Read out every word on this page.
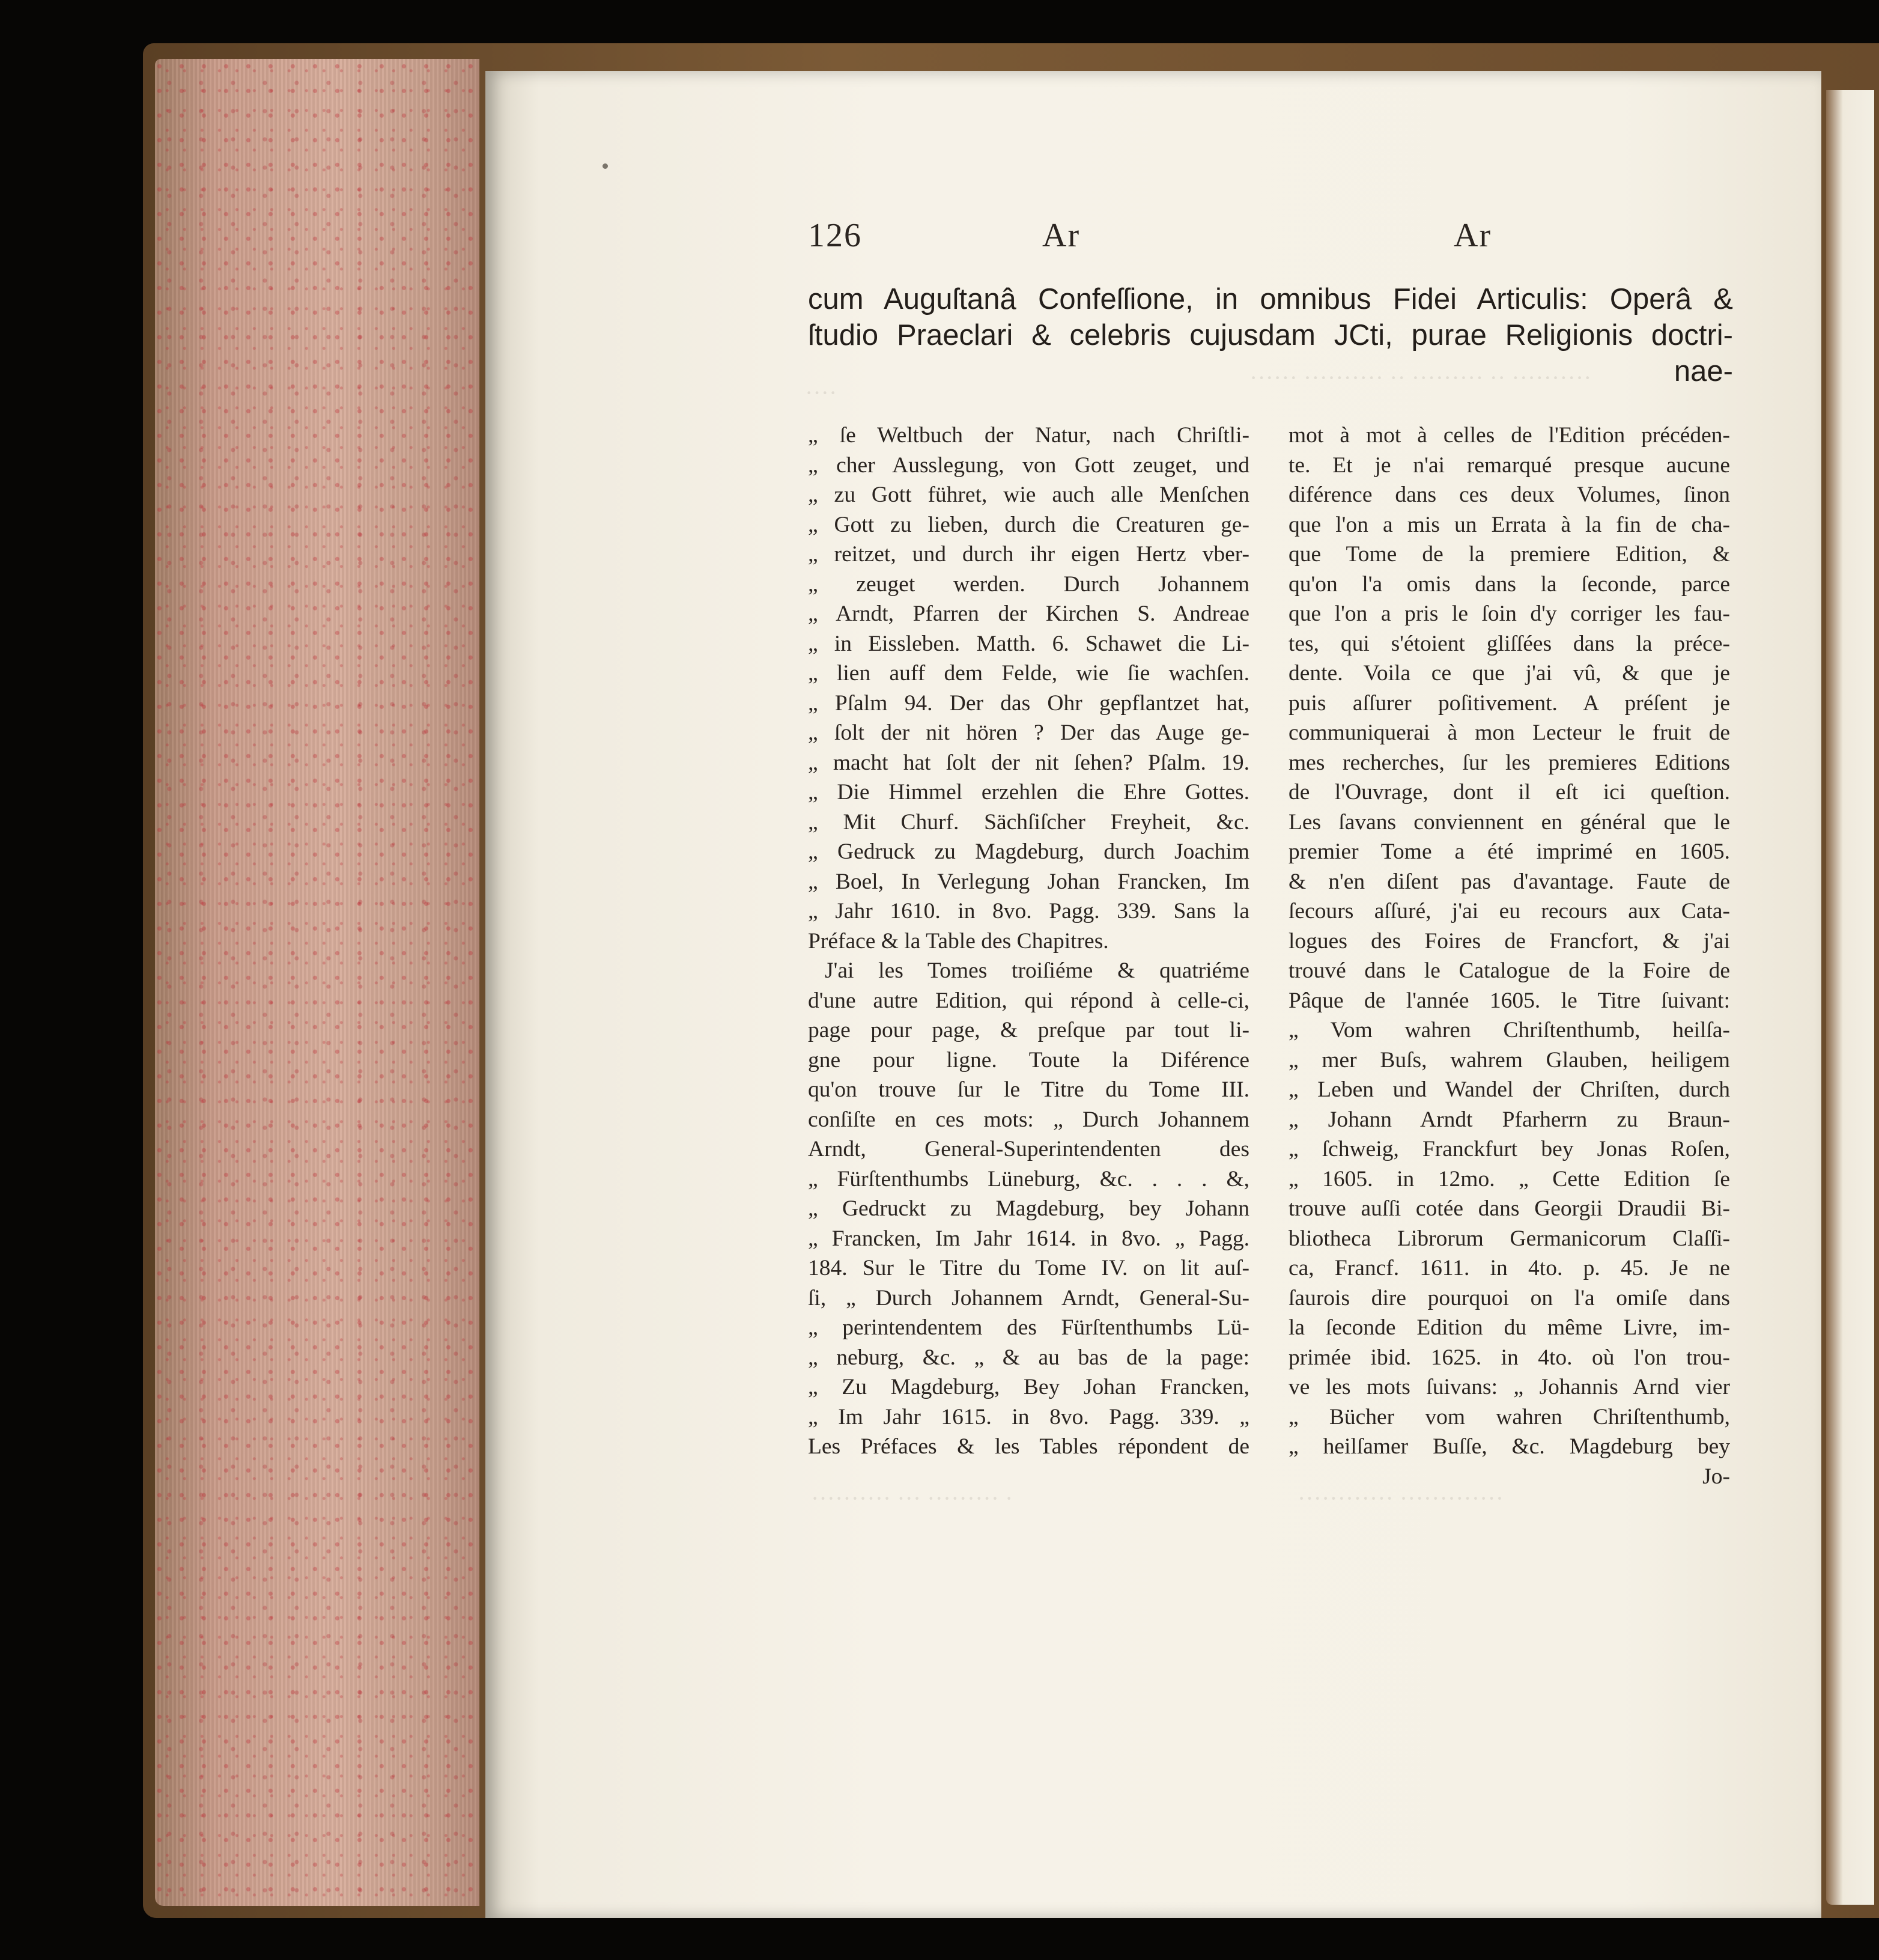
······ ·········· ·· ········· ·· ··········
····
126	Ar	Ar
cum Auguſtanâ Confeſſione, in omnibus Fidei Articulis: Operâ &
ſtudio Praeclari & celebris cujusdam JCti, purae Religionis doctri-
nae-
„ ſe Weltbuch der Natur, nach Chriſtli-
„ cher Ausslegung, von Gott zeuget, und
„ zu Gott führet, wie auch alle Menſchen
„ Gott zu lieben, durch die Creaturen ge-
„ reitzet, und durch ihr eigen Hertz vber-
„ zeuget werden. Durch Johannem
„ Arndt, Pfarren der Kirchen S. Andreae
„ in Eissleben. Matth. 6. Schawet die Li-
„ lien auff dem Felde, wie ſie wachſen.
„ Pſalm 94. Der das Ohr gepflantzet hat,
„ ſolt der nit hören ? Der das Auge ge-
„ macht hat ſolt der nit ſehen? Pſalm. 19.
„ Die Himmel erzehlen die Ehre Gottes.
„ Mit Churf. Sächſiſcher Freyheit, &c.
„ Gedruck zu Magdeburg, durch Joachim
„ Boel, In Verlegung Johan Francken, Im
„ Jahr 1610. in 8vo. Pagg. 339. Sans la
Préface & la Table des Chapitres.
J'ai les Tomes troiſiéme & quatriéme
d'une autre Edition, qui répond à celle-ci,
page pour page, & preſque par tout li-
gne pour ligne. Toute la Diférence
qu'on trouve ſur le Titre du Tome III.
conſiſte en ces mots: „ Durch Johannem
Arndt, General-Superintendenten des
„ Fürſtenthumbs Lüneburg, &c. . . . &,
„ Gedruckt zu Magdeburg, bey Johann
„ Francken, Im Jahr 1614. in 8vo. „ Pagg.
184. Sur le Titre du Tome IV. on lit auſ-
ſi, „ Durch Johannem Arndt, General-Su-
„ perintendentem des Fürſtenthumbs Lü-
„ neburg, &c. „ & au bas de la page:
„ Zu Magdeburg, Bey Johan Francken,
„ Im Jahr 1615. in 8vo. Pagg. 339. „
Les Préfaces & les Tables répondent de
mot à mot à celles de l'Edition précéden-
te. Et je n'ai remarqué presque aucune
diférence dans ces deux Volumes, ſinon
que l'on a mis un Errata à la fin de cha-
que Tome de la premiere Edition, &
qu'on l'a omis dans la ſeconde, parce
que l'on a pris le ſoin d'y corriger les fau-
tes, qui s'étoient gliſſées dans la préce-
dente. Voila ce que j'ai vû, & que je
puis aſſurer poſitivement. A préſent je
communiquerai à mon Lecteur le fruit de
mes recherches, ſur les premieres Editions
de l'Ouvrage, dont il eſt ici queſtion.
Les ſavans conviennent en général que le
premier Tome a été imprimé en 1605.
& n'en diſent pas d'avantage. Faute de
ſecours aſſuré, j'ai eu recours aux Cata-
logues des Foires de Francfort, & j'ai
trouvé dans le Catalogue de la Foire de
Pâque de l'année 1605. le Titre ſuivant:
„ Vom wahren Chriſtenthumb, heilſa-
„ mer Buſs, wahrem Glauben, heiligem
„ Leben und Wandel der Chriſten, durch
„ Johann Arndt Pfarherrn zu Braun-
„ ſchweig, Franckfurt bey Jonas Roſen,
„ 1605. in 12mo. „ Cette Edition ſe
trouve auſſi cotée dans Georgii Draudii Bi-
bliotheca Librorum Germanicorum Claſſi-
ca, Francf. 1611. in 4to. p. 45. Je ne
ſaurois dire pourquoi on l'a omiſe dans
la ſeconde Edition du même Livre, im-
primée ibid. 1625. in 4to. où l'on trou-
ve les mots ſuivans: „ Johannis Arnd vier
„ Bücher vom wahren Chriſtenthumb,
„ heilſamer Buſſe, &c. Magdeburg bey
Jo-
·········· ··· ········· ·	············ ·············
